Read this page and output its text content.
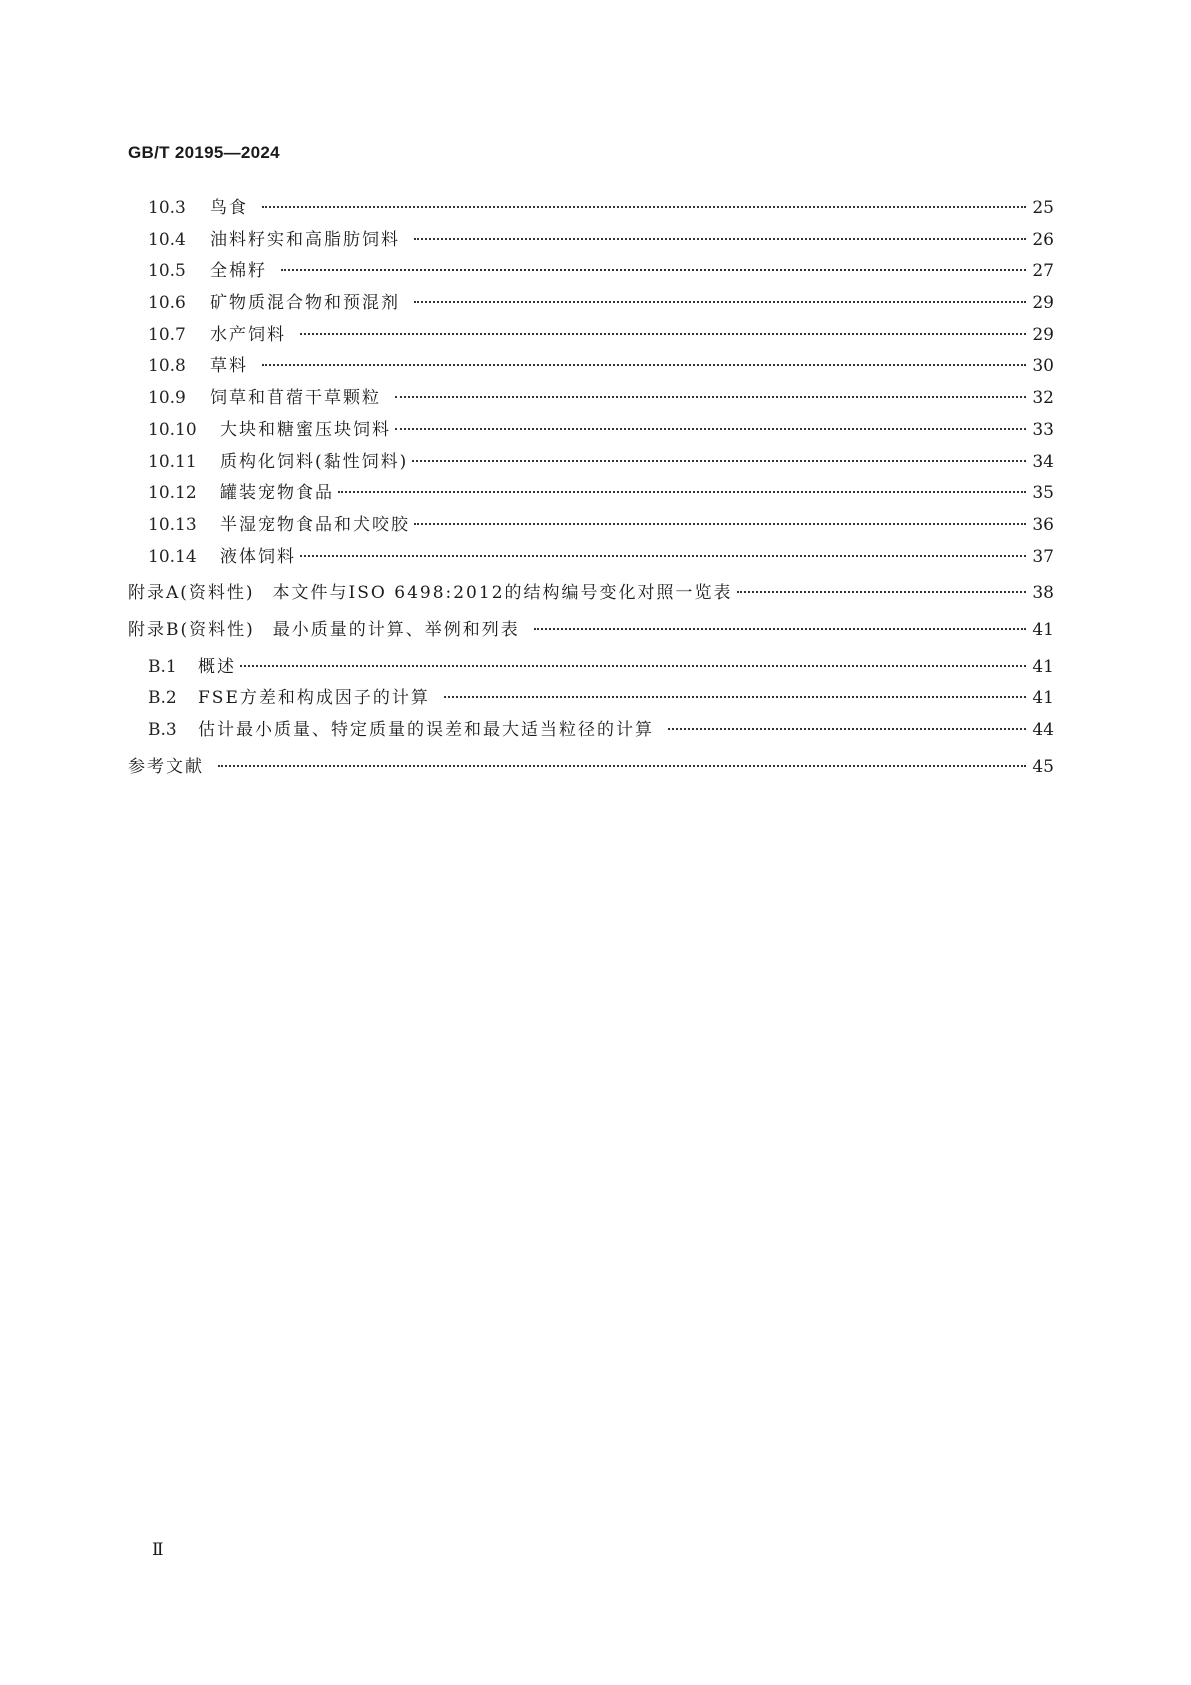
GB/T 20195—2024
10.3	鸟食	25
10.4	油料籽实和高脂肪饲料	26
10.5	全棉籽	27
10.6	矿物质混合物和预混剂	29
10.7	水产饲料	29
10.8	草料	30
10.9	饲草和苜蓿干草颗粒	32
10.10	大块和糖蜜压块饲料	33
10.11	质构化饲料(黏性饲料)	34
10.12	罐装宠物食品	35
10.13	半湿宠物食品和犬咬胶	36
10.14	液体饲料	37
附录A(资料性) 本文件与ISO 6498:2012的结构编号变化对照一览表	38
附录B(资料性) 最小质量的计算、举例和列表	41
B.1	概述	41
B.2	FSE方差和构成因子的计算	41
B.3	估计最小质量、特定质量的误差和最大适当粒径的计算	44
参考文献	45
Ⅱ
